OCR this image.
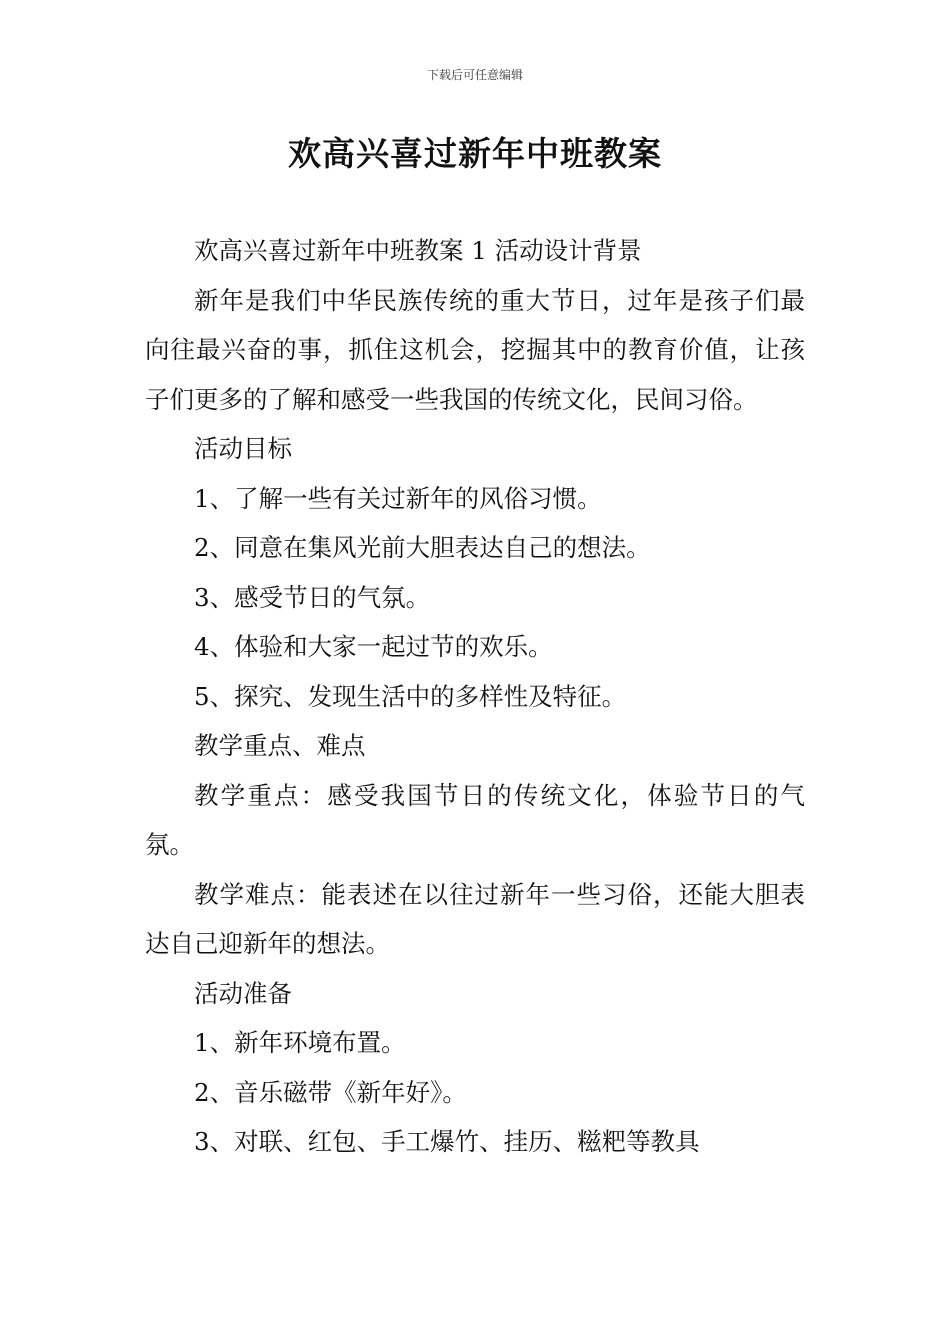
下载后可任意编辑
欢高兴喜过新年中班教案

欢高兴喜过新年中班教案 1 活动设计背景

新年是我们中华民族传统的重大节日，过年是孩子们最向往最兴奋的事，抓住这机会，挖掘其中的教育价值，让孩子们更多的了解和感受一些我国的传统文化，民间习俗。

活动目标

1、了解一些有关过新年的风俗习惯。

2、同意在集风光前大胆表达自己的想法。

3、感受节日的气氛。

4、体验和大家一起过节的欢乐。

5、探究、发现生活中的多样性及特征。

教学重点、难点

教学重点：感受我国节日的传统文化，体验节日的气氛。

教学难点：能表述在以往过新年一些习俗，还能大胆表达自己迎新年的想法。

活动准备

1、新年环境布置。

2、音乐磁带《新年好》。

3、对联、红包、手工爆竹、挂历、糍粑等教具
